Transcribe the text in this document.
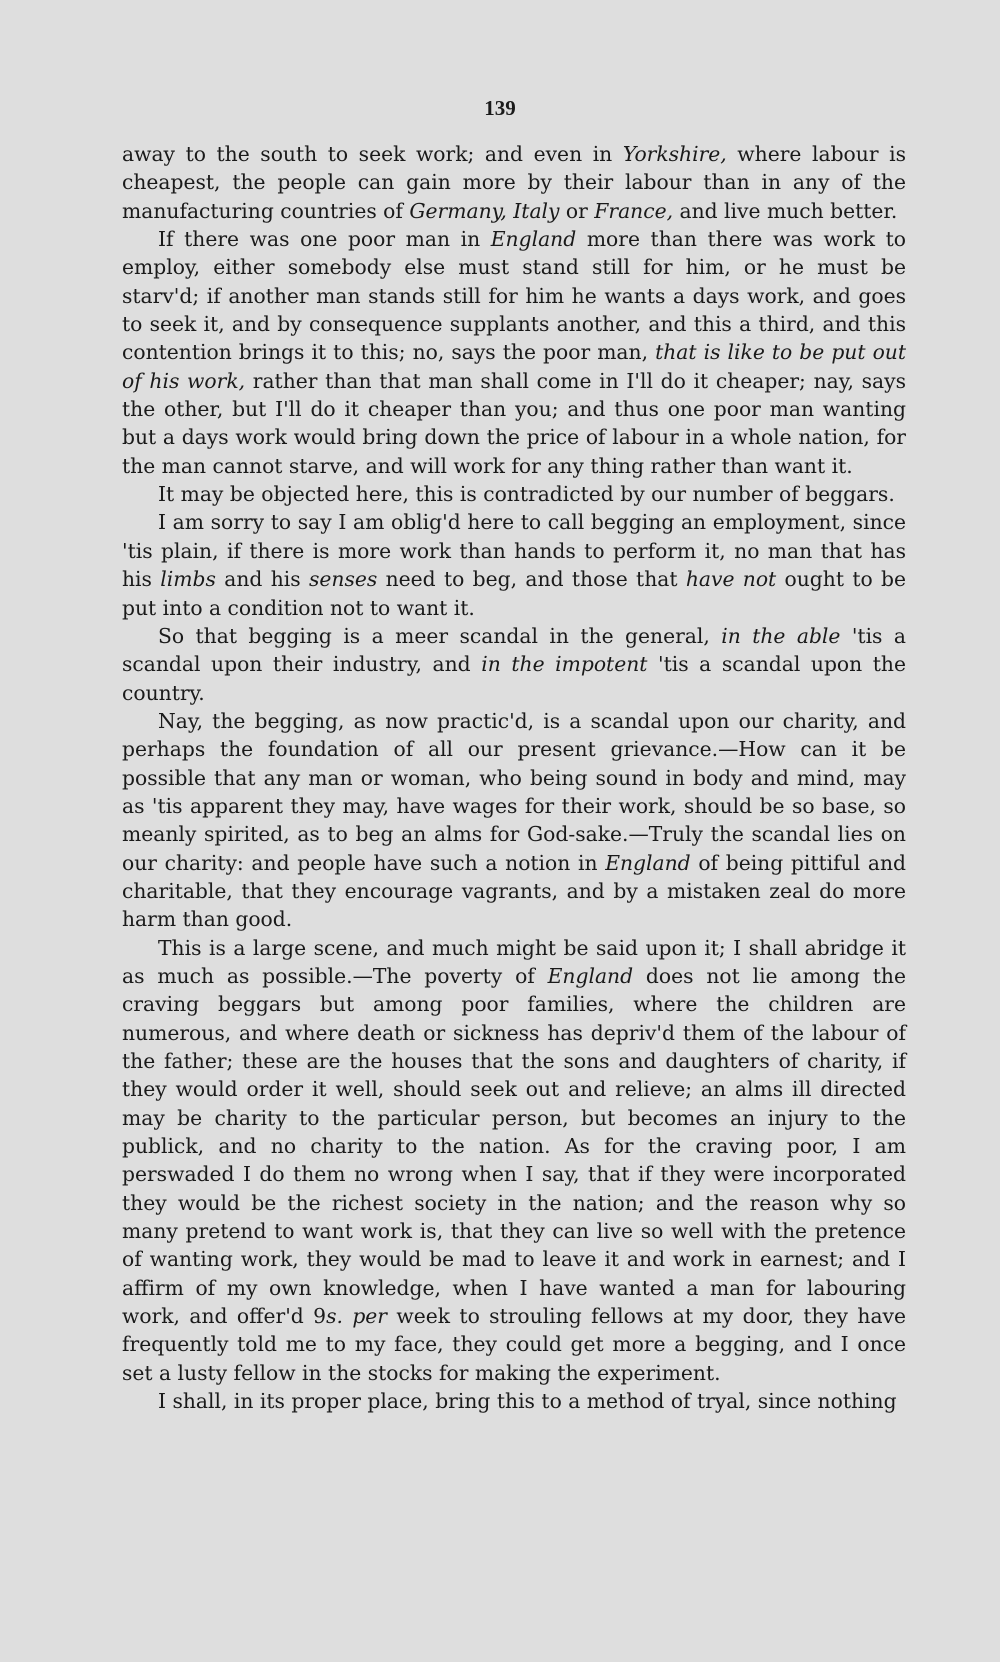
139

away to the south to seek work; and even in Yorkshire, where labour is cheapest, the people can gain more by their labour than in any of the manufacturing countries of Germany, Italy or France, and live much better.

If there was one poor man in England more than there was work to employ, either somebody else must stand still for him, or he must be starv'd; if another man stands still for him he wants a days work, and goes to seek it, and by consequence supplants another, and this a third, and this contention brings it to this; no, says the poor man, that is like to be put out of his work, rather than that man shall come in I'll do it cheaper; nay, says the other, but I'll do it cheaper than you; and thus one poor man wanting but a days work would bring down the price of labour in a whole nation, for the man cannot starve, and will work for any thing rather than want it.

It may be objected here, this is contradicted by our number of beggars.

I am sorry to say I am oblig'd here to call begging an employment, since 'tis plain, if there is more work than hands to perform it, no man that has his limbs and his senses need to beg, and those that have not ought to be put into a condition not to want it.

So that begging is a meer scandal in the general, in the able 'tis a scandal upon their industry, and in the impotent 'tis a scandal upon the country.

Nay, the begging, as now practic'd, is a scandal upon our charity, and perhaps the foundation of all our present grievance.—How can it be possible that any man or woman, who being sound in body and mind, may as 'tis apparent they may, have wages for their work, should be so base, so meanly spirited, as to beg an alms for God-sake.—Truly the scandal lies on our charity: and people have such a notion in England of being pittiful and charitable, that they encourage vagrants, and by a mistaken zeal do more harm than good.

This is a large scene, and much might be said upon it; I shall abridge it as much as possible.—The poverty of England does not lie among the craving beggars but among poor families, where the children are numerous, and where death or sickness has depriv'd them of the labour of the father; these are the houses that the sons and daughters of charity, if they would order it well, should seek out and relieve; an alms ill directed may be charity to the particular person, but becomes an injury to the publick, and no charity to the nation. As for the craving poor, I am perswaded I do them no wrong when I say, that if they were incorporated they would be the richest society in the nation; and the reason why so many pretend to want work is, that they can live so well with the pretence of wanting work, they would be mad to leave it and work in earnest; and I affirm of my own knowledge, when I have wanted a man for labouring work, and offer'd 9s. per week to strouling fellows at my door, they have frequently told me to my face, they could get more a begging, and I once set a lusty fellow in the stocks for making the experiment.

I shall, in its proper place, bring this to a method of tryal, since nothing
